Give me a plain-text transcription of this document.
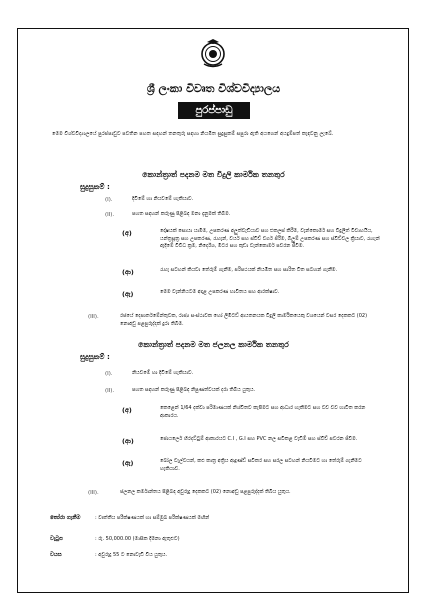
ශ්‍රී ලංකා විවෘත විශ්වවිද්‍යාලය
පුරප්පාඩු
මෙම විශ්වවිද්‍යාලයේ පුරප්පාඩුව පවතින පහත සඳහන් තනතුරු සඳහා නියමිත සුදුසුකම් සපුරා ඇති අයගෙන් අයදුම්පත් කැඳවනු ලැබේ.
කොන්ත්‍රාත් පදනම මත විදුලි කාර්මික තනතුර
සුදුසුකම් :
(I).	දිවිමේ හා නියවමේ හැකියාව.
(II).	පහත සඳහන් කරුණු පිළිබඳ මනා දැනුමක් තිබීම.
(අ)	දෝෂයක් සොයා යාමීම, උපකරණ අලුත්වැඩියාව සහ එකලස් කිරීම, වැන්කොමර් සහ විදුලිත් විවාහයිය, යන්ත්‍රසූත්‍ර සහ උපකරණ, රැහැන්, වයර් සහ ස්විච් වර්ග ජිරීම, බිලුම් උපකරණ සහ ස්විච්වල ක්‍රියාව, රැහැන් ඇදීමේ විවිධ ක්‍රම, නිර්දේශ, මීටර සහ කුඩා වැන්කොමර් පවරන ජිවීම.
(ආ)	රැහැ සටහන් කියවා තේරුම් ගැනීම, පරිපථයක් නියමිත සහ සාරිත විත සටහන් ගැනීම.
(ඇ)	මෙම වැන්නියටම අදාළ උපකරණ භාවිතය සහ ආරක්ෂාව.
(III).	රජයේ දෙපාර්තමේන්තුවක, රාජ්‍ය සංස්ථාවක හෝ ලිමිටඩ් ආයතනයක විදුලි කාර්මිකයෙකු වශයෙන් වසර දෙකකට (02) නොඅඩු පළපුරුද්දක් දුරා තිබීම.
කොන්ත්‍රාත් පදනම මත ජලනල කාර්මික තනතුර
සුදුසුකම් :
(I).	නියවමේ හා දිවිමේ හැකියාව.
(II).	පහත සඳහන් කරුණු පිළිබඳ නිපුණත්වයක් දරා තිබිය යුතුය.
(අ)	කෙළෙන් 1/64 දක්වා පරිමාණයක් නිශ්චිතව කැපීමට සහ ආධාර හැකීමට සහ වව වව භාවිත කරන ආකාරය.
(ආ)	ජොයලෙර් හිරදට්ටුම් ආකාරයට C.I , G.I සහ PVC නල සවිකළ වැඩිම් සහ ස්විච් පවරන ජිවීම.
(ඇ)	බෝල වැල්වයන්, කළු කාත්‍ර අත්‍රිය ආදූණ්ඩ් සවිකර සහ සරල සටහන් නියවීමට හා තේරුම් ගැනීමට හැකියාව.
(III).	ජලනල කර්මාන්තය පිළිබඳ අවුරුදු දෙකකට (02) නොඅඩු පළපුරුද්දක් තිබිය යුතුය.
තෝරා ගැනීම	: වෘත්තීය පරීක්ෂණයක් හා සම්මුඛ පරීක්ෂණයක් මඟින්
වැටුප	: රු. 50,000.00 (මාසික දීමනා ඇතුළුව)
වයස	: අවුරුදු 55 ට නොවැඩි විය යුතුය.
